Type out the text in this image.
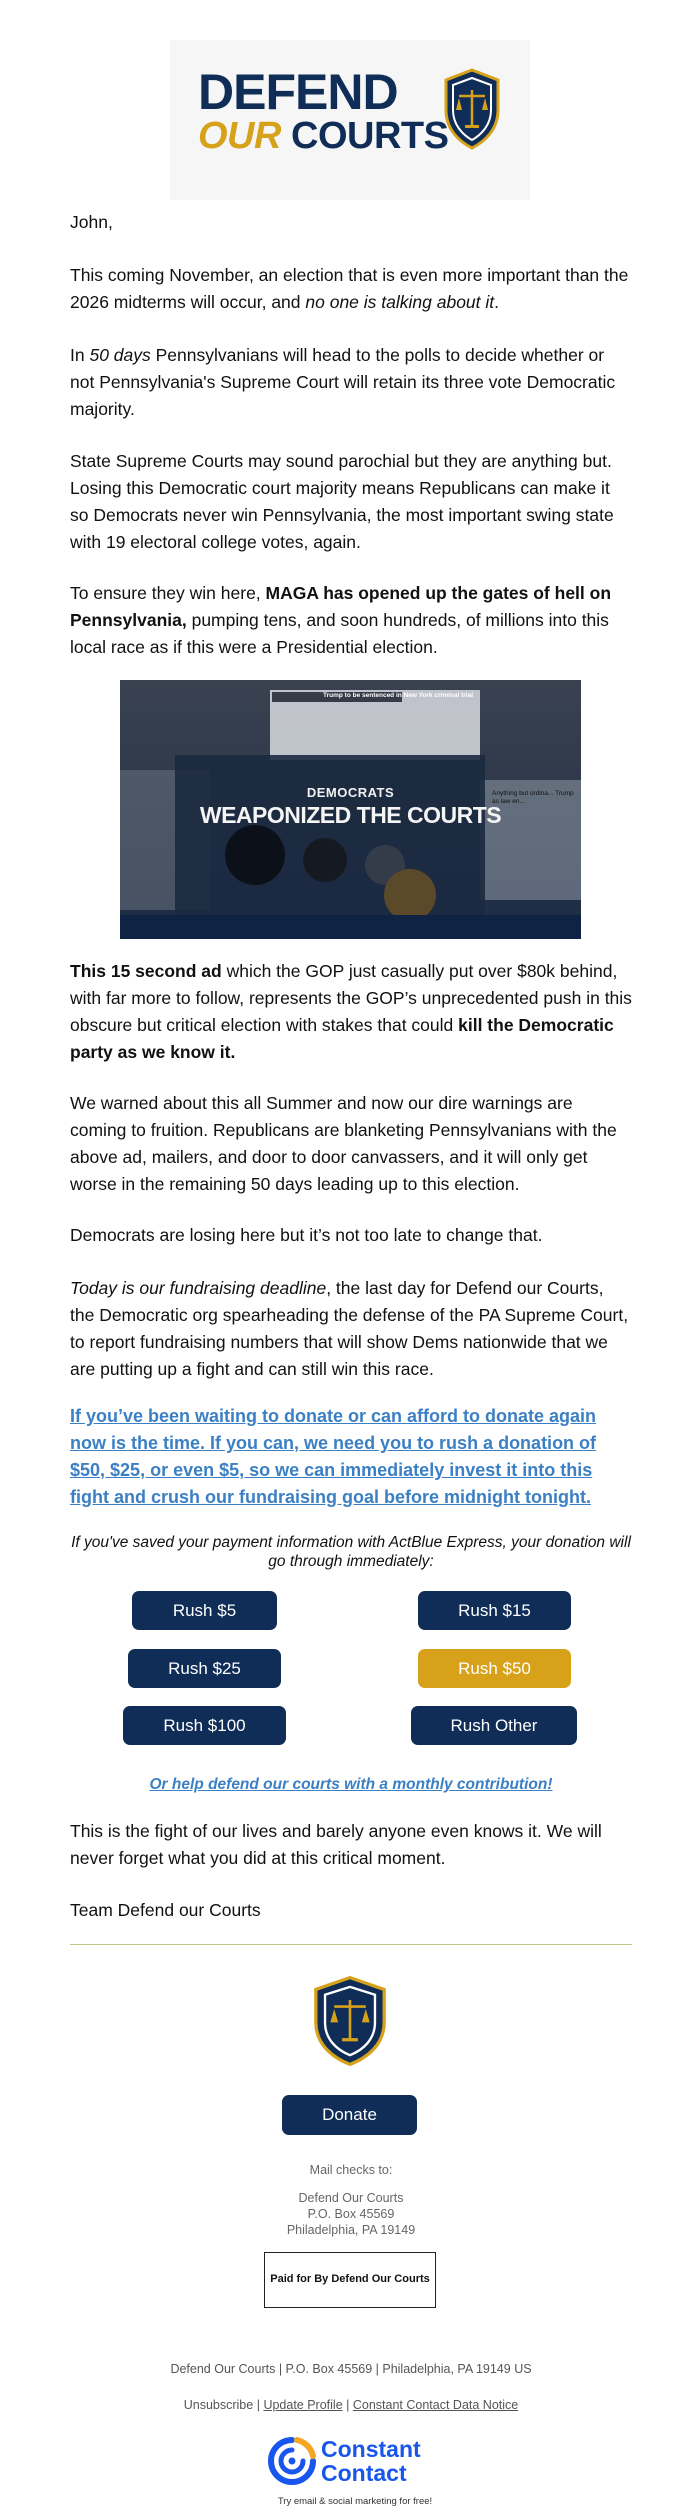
DEFEND
OUR COURTS
John,
This coming November, an election that is even more important than the 2026 midterms will occur, and no one is talking about it.
In 50 days Pennsylvanians will head to the polls to decide whether or not Pennsylvania's Supreme Court will retain its three vote Democratic majority.
State Supreme Courts may sound parochial but they are anything but. Losing this Democratic court majority means Republicans can make it so Democrats never win Pennsylvania, the most important swing state with 19 electoral college votes, again.
To ensure they win here, MAGA has opened up the gates of hell on Pennsylvania, pumping tens, and soon hundreds, of millions into this local race as if this were a Presidential election.
Trump to be sentenced in New York criminal trial
Anything but ordina... Trump as law en...
DEMOCRATS
WEAPONIZED THE COURTS
This 15 second ad which the GOP just casually put over $80k behind, with far more to follow, represents the GOP’s unprecedented push in this obscure but critical election with stakes that could kill the Democratic party as we know it.
We warned about this all Summer and now our dire warnings are coming to fruition. Republicans are blanketing Pennsylvanians with the above ad, mailers, and door to door canvassers, and it will only get worse in the remaining 50 days leading up to this election.
Democrats are losing here but it’s not too late to change that.
Today is our fundraising deadline, the last day for Defend our Courts, the Democratic org spearheading the defense of the PA Supreme Court, to report fundraising numbers that will show Dems nationwide that we are putting up a fight and can still win this race.
If you’ve been waiting to donate or can afford to donate again now is the time. If you can, we need you to rush a donation of $50, $25, or even $5, so we can immediately invest it into this fight and crush our fundraising goal before midnight tonight.
If you've saved your payment information with ActBlue Express, your donation will go through immediately:
Rush $5	Rush $15
Rush $25	Rush $50
Rush $100	Rush Other
Or help defend our courts with a monthly contribution!
This is the fight of our lives and barely anyone even knows it. We will never forget what you did at this critical moment.
Team Defend our Courts
Donate
Mail checks to:
Defend Our Courts
P.O. Box 45569
Philadelphia, PA 19149
Paid for By Defend Our Courts
Defend Our Courts | P.O. Box 45569 | Philadelphia, PA 19149 US
Unsubscribe | Update Profile | Constant Contact Data Notice
Constant
Contact
Try email & social marketing for free!
